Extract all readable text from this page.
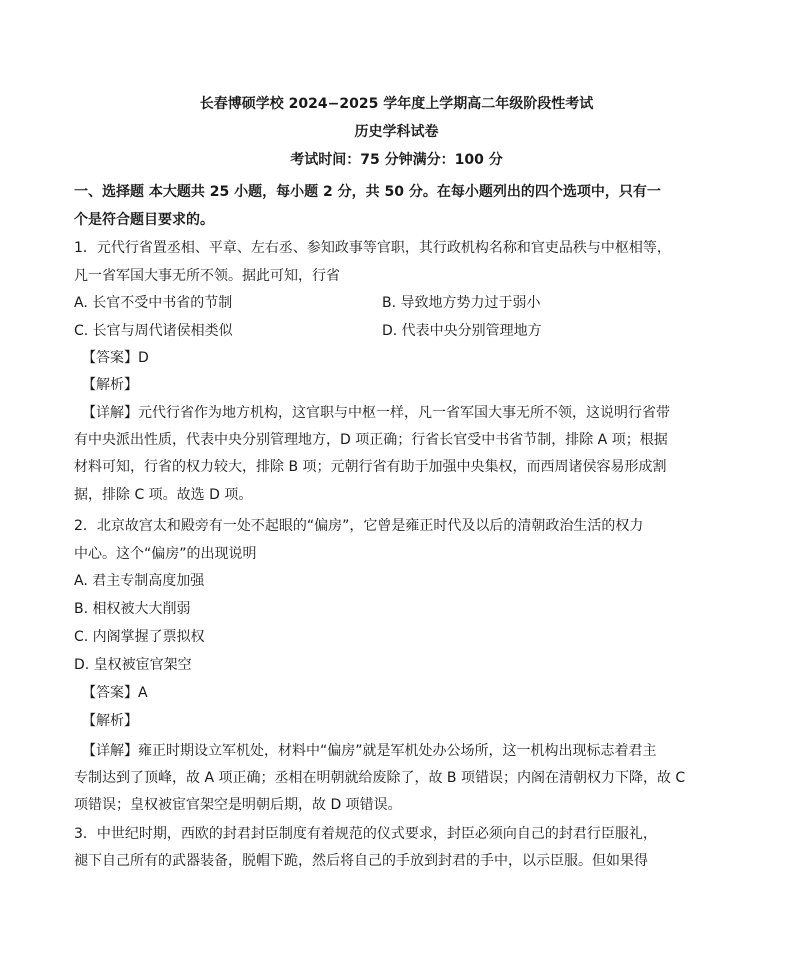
长春博硕学校 2024−2025 学年度上学期高二年级阶段性考试
历史学科试卷
考试时间：75 分钟满分：100 分
一、选择题 本大题共 25 小题，每小题 2 分，共 50 分。在每小题列出的四个选项中，只有一
个是符合题目要求的。
1．元代行省置丞相、平章、左右丞、参知政事等官职，其行政机构名称和官吏品秩与中枢相等，
凡一省军国大事无所不领。据此可知，行省
A. 长官不受中书省的节制	B. 导致地方势力过于弱小
C. 长官与周代诸侯相类似	D. 代表中央分别管理地方
【答案】D
【解析】
【详解】元代行省作为地方机构，这官职与中枢一样，凡一省军国大事无所不领，这说明行省带
有中央派出性质，代表中央分别管理地方，D 项正确；行省长官受中书省节制，排除 A 项；根据
材料可知，行省的权力较大，排除 B 项；元朝行省有助于加强中央集权，而西周诸侯容易形成割
据，排除 C 项。故选 D 项。
2．北京故宫太和殿旁有一处不起眼的“偏房”，它曾是雍正时代及以后的清朝政治生活的权力
中心。这个“偏房”的出现说明
A. 君主专制高度加强
B. 相权被大大削弱
C. 内阁掌握了票拟权
D. 皇权被宦官架空
【答案】A
【解析】
【详解】雍正时期设立军机处，材料中“偏房”就是军机处办公场所，这一机构出现标志着君主
专制达到了顶峰，故 A 项正确；丞相在明朝就给废除了，故 B 项错误；内阁在清朝权力下降，故 C
项错误；皇权被宦官架空是明朝后期，故 D 项错误。
3．中世纪时期，西欧的封君封臣制度有着规范的仪式要求，封臣必须向自己的封君行臣服礼，
褪下自己所有的武器装备，脱帽下跪，然后将自己的手放到封君的手中，以示臣服。但如果得
